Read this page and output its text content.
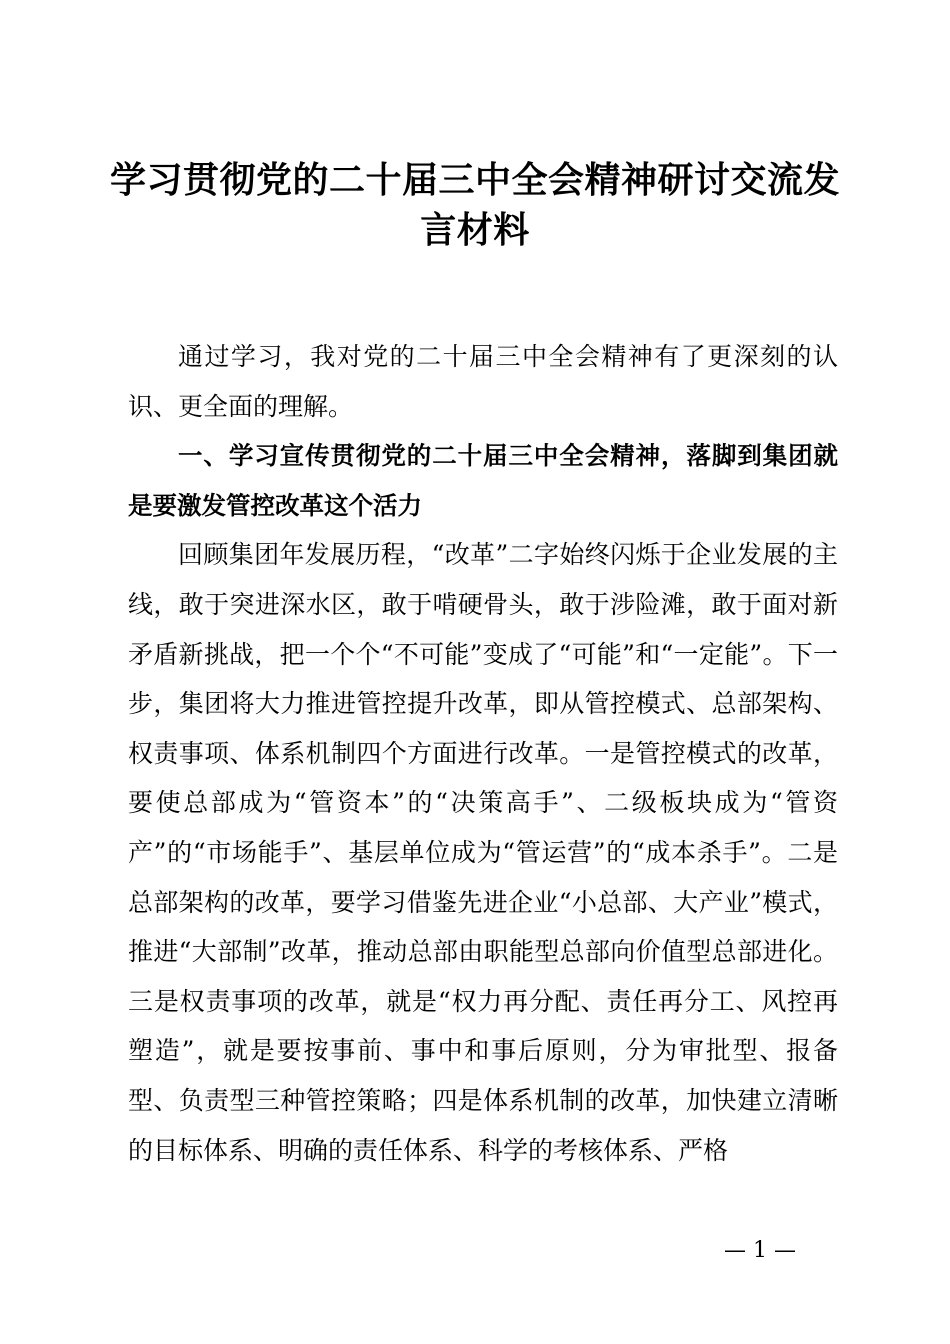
学习贯彻党的二十届三中全会精神研讨交流发言材料

通过学习，我对党的二十届三中全会精神有了更深刻的认识、更全面的理解。

一、学习宣传贯彻党的二十届三中全会精神，落脚到集团就是要激发管控改革这个活力

回顾集团年发展历程，“改革”二字始终闪烁于企业发展的主线，敢于突进深水区，敢于啃硬骨头，敢于涉险滩，敢于面对新矛盾新挑战，把一个个“不可能”变成了“可能”和“一定能”。下一步，集团将大力推进管控提升改革，即从管控模式、总部架构、权责事项、体系机制四个方面进行改革。一是管控模式的改革，要使总部成为“管资本”的“决策高手”、二级板块成为“管资产”的“市场能手”、基层单位成为“管运营”的“成本杀手”。二是总部架构的改革，要学习借鉴先进企业“小总部、大产业”模式，推进“大部制”改革，推动总部由职能型总部向价值型总部进化。三是权责事项的改革，就是“权力再分配、责任再分工、风控再塑造”，就是要按事前、事中和事后原则，分为审批型、报备型、负责型三种管控策略；四是体系机制的改革，加快建立清晰的目标体系、明确的责任体系、科学的考核体系、严格

— 1 —
